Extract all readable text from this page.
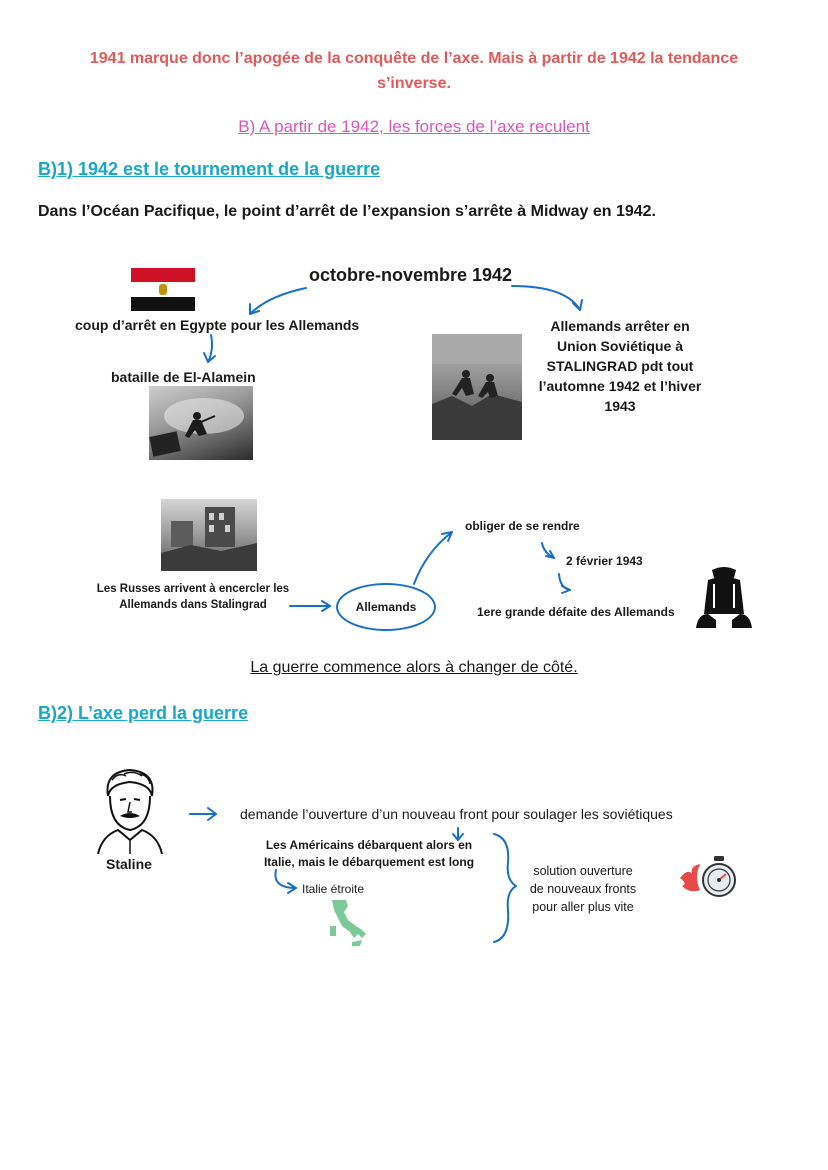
1941 marque donc l’apogée de la conquête de l’axe. Mais à partir de 1942 la tendance
s’inverse.
B) A partir de 1942, les forces de l’axe reculent
B)1) 1942 est le tournement de la guerre
Dans l’Océan Pacifique, le point d’arrêt de l’expansion s’arrête à Midway en 1942.
octobre-novembre 1942
coup d’arrêt en Egypte pour les Allemands
bataille de El-Alamein
Allemands arrêter en
Union Soviétique à
STALINGRAD pdt tout
l’automne 1942 et l’hiver
1943
Les Russes arrivent à encercler les
Allemands dans Stalingrad	Allemands
obliger de se rendre
2 février 1943
1ere grande défaite des Allemands
La guerre commence alors à changer de côté.
B)2) L’axe perd la guerre
Staline
demande l’ouverture d’un nouveau front pour soulager les soviétiques
Les Américains débarquent alors en
Italie, mais le débarquement est long
Italie étroite
solution ouverture
de nouveaux fronts
pour aller plus vite
